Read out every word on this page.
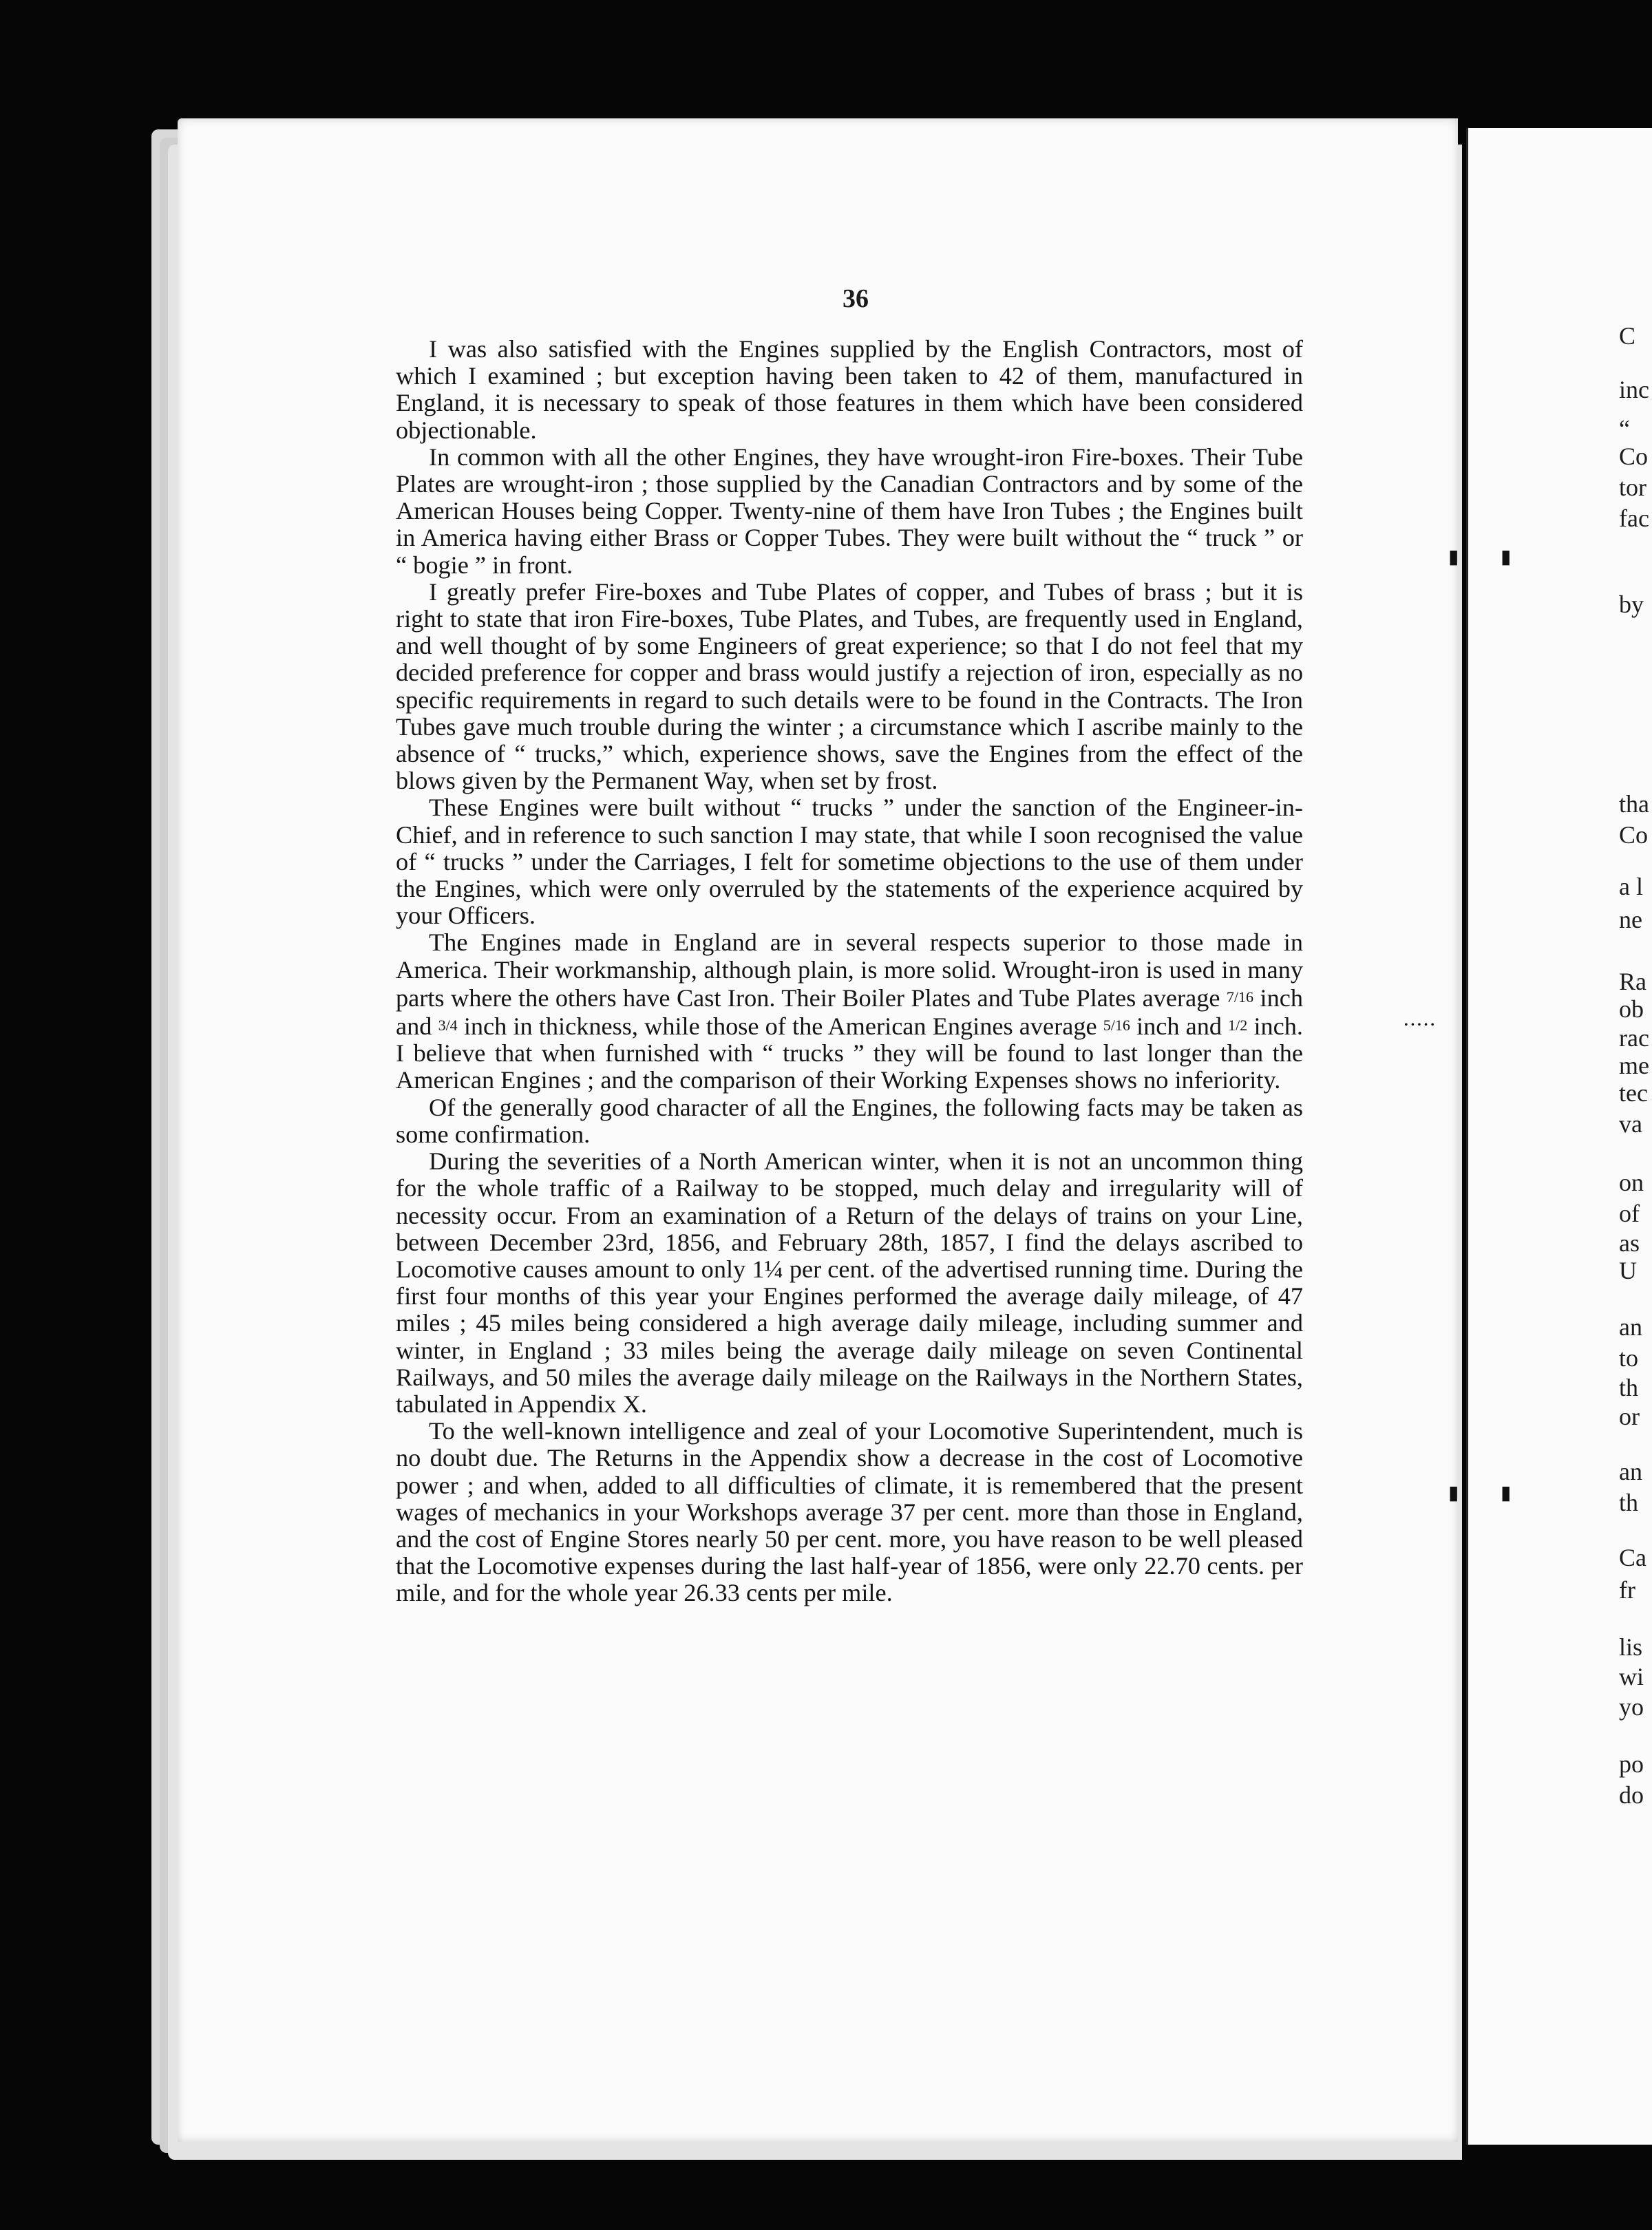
C
inc
“
Co
tor
fac
by
tha
Co
a l
ne
Ra
ob
rac
me
tec
va
on
of
as
U
an
to
th
or
an
th
Ca
fr
lis
wi
yo
po
do
▮ ▮
⋅⋅⋅⋅⋅
▮ ▮
36

I was also satisfied with the Engines supplied by the English Contractors, most of which I examined ; but exception having been taken to 42 of them, manufactured in England, it is necessary to speak of those features in them which have been considered objectionable.

In common with all the other Engines, they have wrought-iron Fire-boxes. Their Tube Plates are wrought-iron ; those supplied by the Canadian Contractors and by some of the American Houses being Copper. Twenty-nine of them have Iron Tubes ; the Engines built in America having either Brass or Copper Tubes. They were built without the “ truck ” or “ bogie ” in front.

I greatly prefer Fire-boxes and Tube Plates of copper, and Tubes of brass ; but it is right to state that iron Fire-boxes, Tube Plates, and Tubes, are frequently used in England, and well thought of by some Engineers of great experience; so that I do not feel that my decided preference for copper and brass would justify a rejection of iron, especially as no specific requirements in regard to such details were to be found in the Contracts. The Iron Tubes gave much trouble during the winter ; a circumstance which I ascribe mainly to the absence of “ trucks,” which, experience shows, save the Engines from the effect of the blows given by the Permanent Way, when set by frost.

These Engines were built without “ trucks ” under the sanction of the Engineer-in-Chief, and in reference to such sanction I may state, that while I soon recognised the value of “ trucks ” under the Carriages, I felt for sometime objections to the use of them under the Engines, which were only overruled by the statements of the experience acquired by your Officers.

The Engines made in England are in several respects superior to those made in America. Their workmanship, although plain, is more solid. Wrought-iron is used in many parts where the others have Cast Iron. Their Boiler Plates and Tube Plates average 7/16 inch and 3/4 inch in thickness, while those of the American Engines average 5/16 inch and 1/2 inch. I believe that when furnished with “ trucks ” they will be found to last longer than the American Engines ; and the comparison of their Working Expenses shows no inferiority.

Of the generally good character of all the Engines, the following facts may be taken as some confirmation.

During the severities of a North American winter, when it is not an uncommon thing for the whole traffic of a Railway to be stopped, much delay and irregularity will of necessity occur. From an examination of a Return of the delays of trains on your Line, between December 23rd, 1856, and February 28th, 1857, I find the delays ascribed to Locomotive causes amount to only 1¼ per cent. of the advertised running time. During the first four months of this year your Engines performed the average daily mileage, of 47 miles ; 45 miles being considered a high average daily mileage, including summer and winter, in England ; 33 miles being the average daily mileage on seven Continental Railways, and 50 miles the average daily mileage on the Railways in the Northern States, tabulated in Appendix X.

To the well-known intelligence and zeal of your Locomotive Superintendent, much is no doubt due. The Returns in the Appendix show a decrease in the cost of Locomotive power ; and when, added to all difficulties of climate, it is remembered that the present wages of mechanics in your Workshops average 37 per cent. more than those in England, and the cost of Engine Stores nearly 50 per cent. more, you have reason to be well pleased that the Locomotive expenses during the last half-year of 1856, were only 22.70 cents. per mile, and for the whole year 26.33 cents per mile.
